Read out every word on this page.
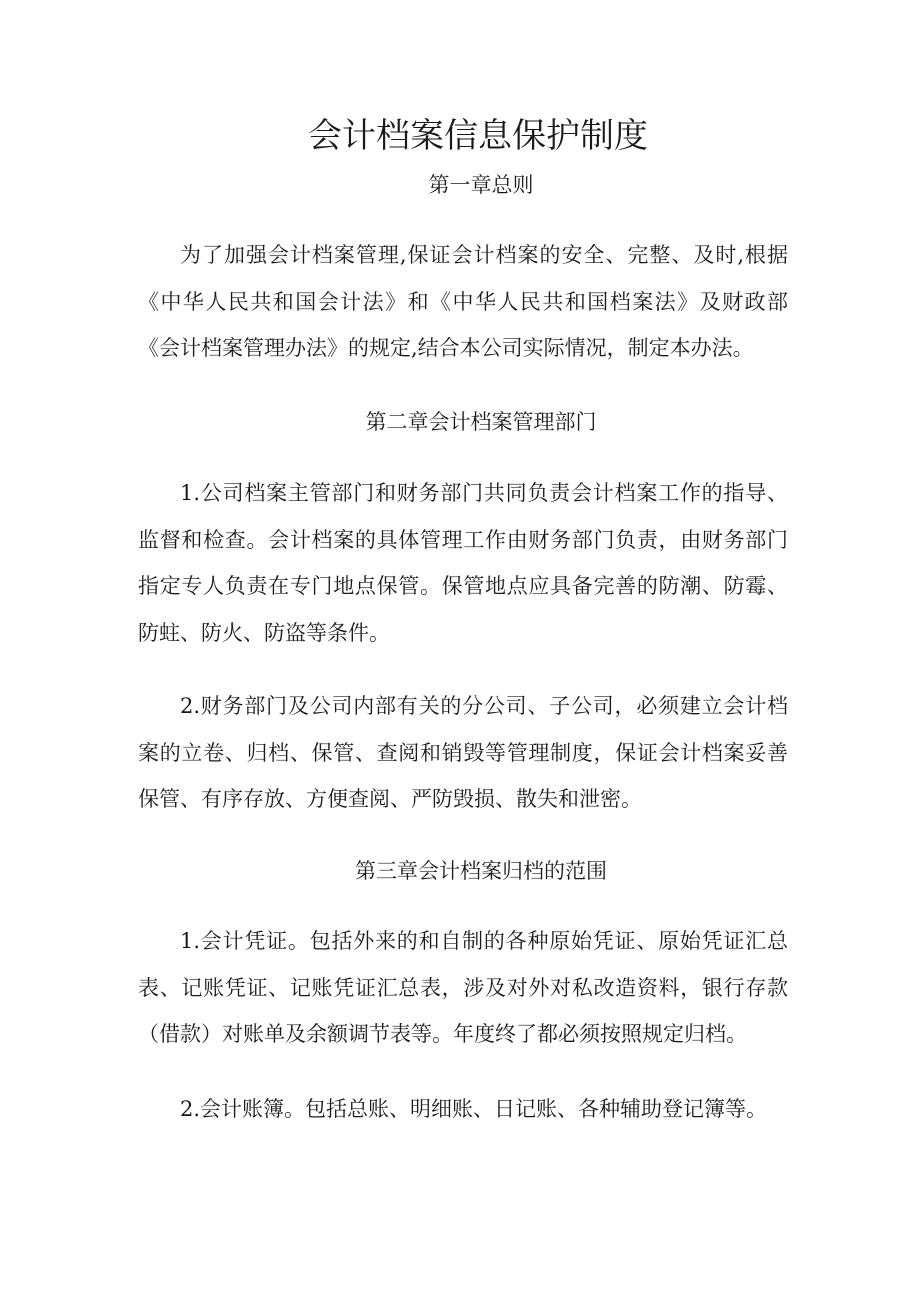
会计档案信息保护制度
第一章总则

为了加强会计档案管理,保证会计档案的安全、完整、及时,根据《中华人民共和国会计法》和《中华人民共和国档案法》及财政部《会计档案管理办法》的规定,结合本公司实际情况，制定本办法。

第二章会计档案管理部门

1.公司档案主管部门和财务部门共同负责会计档案工作的指导、监督和检查。会计档案的具体管理工作由财务部门负责，由财务部门指定专人负责在专门地点保管。保管地点应具备完善的防潮、防霉、防蛀、防火、防盗等条件。

2.财务部门及公司内部有关的分公司、子公司，必须建立会计档案的立卷、归档、保管、查阅和销毁等管理制度，保证会计档案妥善保管、有序存放、方便查阅、严防毁损、散失和泄密。

第三章会计档案归档的范围

1.会计凭证。包括外来的和自制的各种原始凭证、原始凭证汇总表、记账凭证、记账凭证汇总表，涉及对外对私改造资料，银行存款（借款）对账单及余额调节表等。年度终了都必须按照规定归档。

2.会计账簿。包括总账、明细账、日记账、各种辅助登记簿等。
